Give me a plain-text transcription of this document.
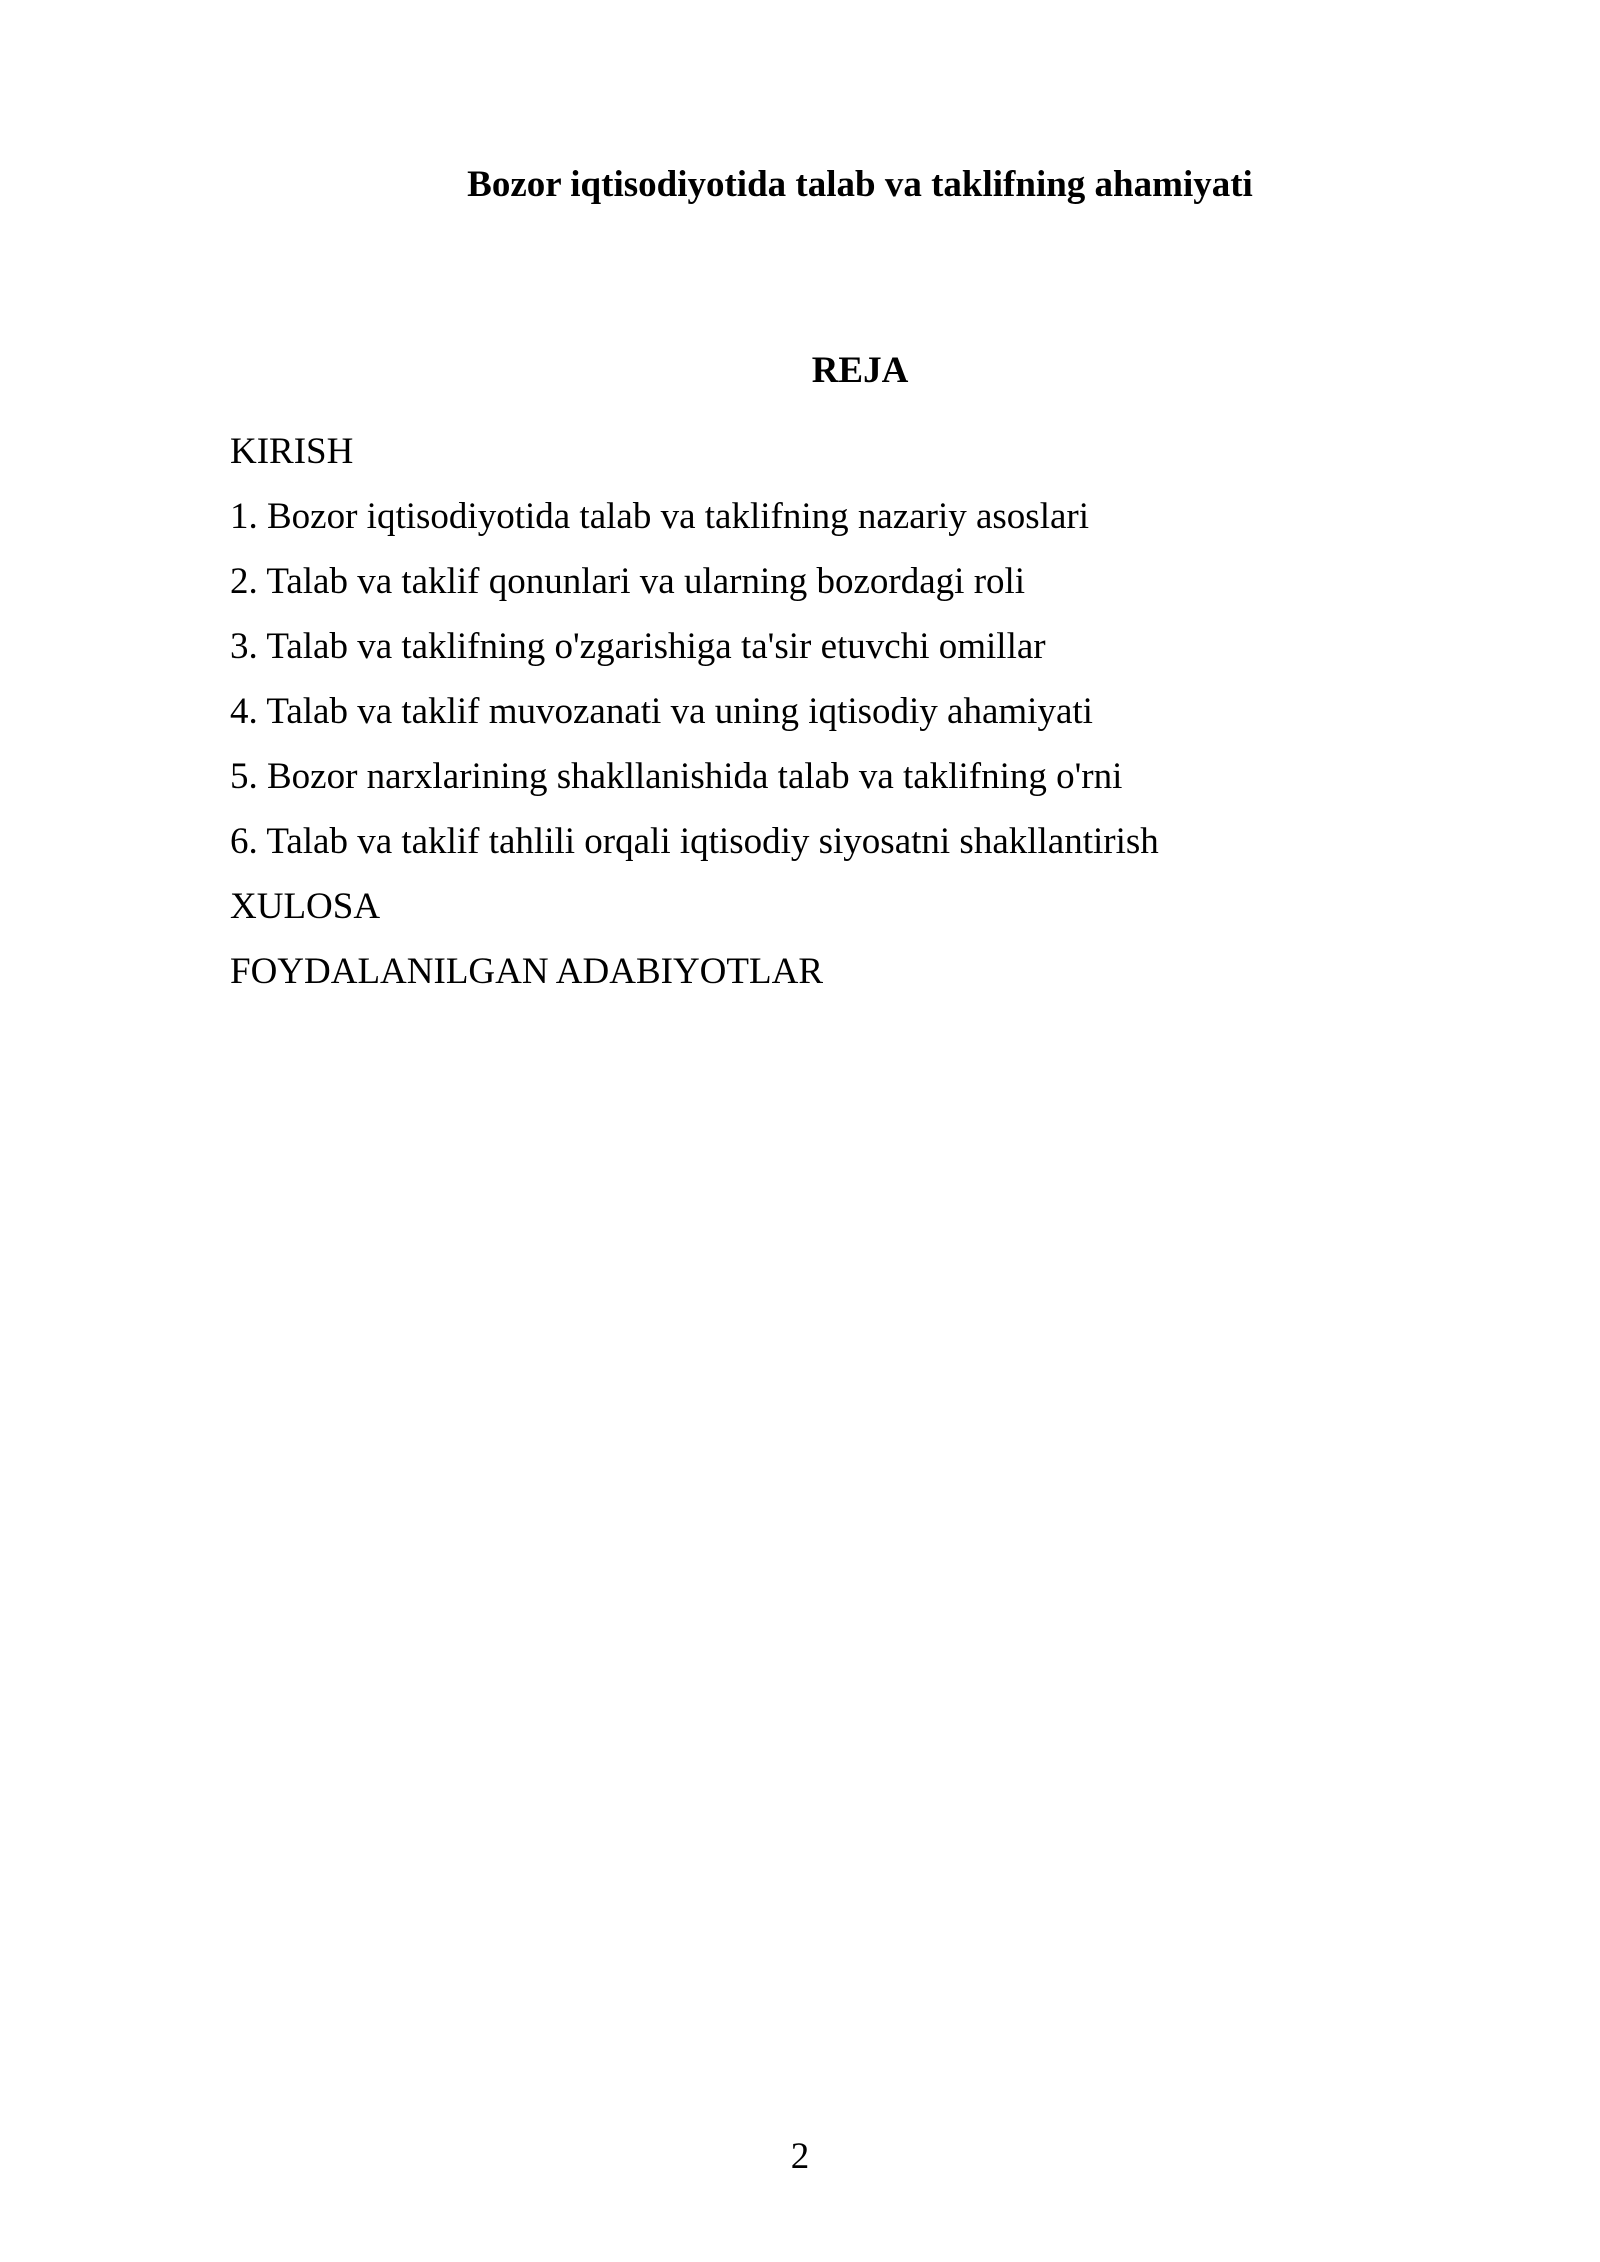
Bozor iqtisodiyotida talab va taklifning ahamiyati
REJA
KIRISH
1. Bozor iqtisodiyotida talab va taklifning nazariy asoslari
2. Talab va taklif qonunlari va ularning bozordagi roli
3. Talab va taklifning o'zgarishiga ta'sir etuvchi omillar
4. Talab va taklif muvozanati va uning iqtisodiy ahamiyati
5. Bozor narxlarining shakllanishida talab va taklifning o'rni
6. Talab va taklif tahlili orqali iqtisodiy siyosatni shakllantirish
XULOSA
FOYDALANILGAN ADABIYOTLAR
2
